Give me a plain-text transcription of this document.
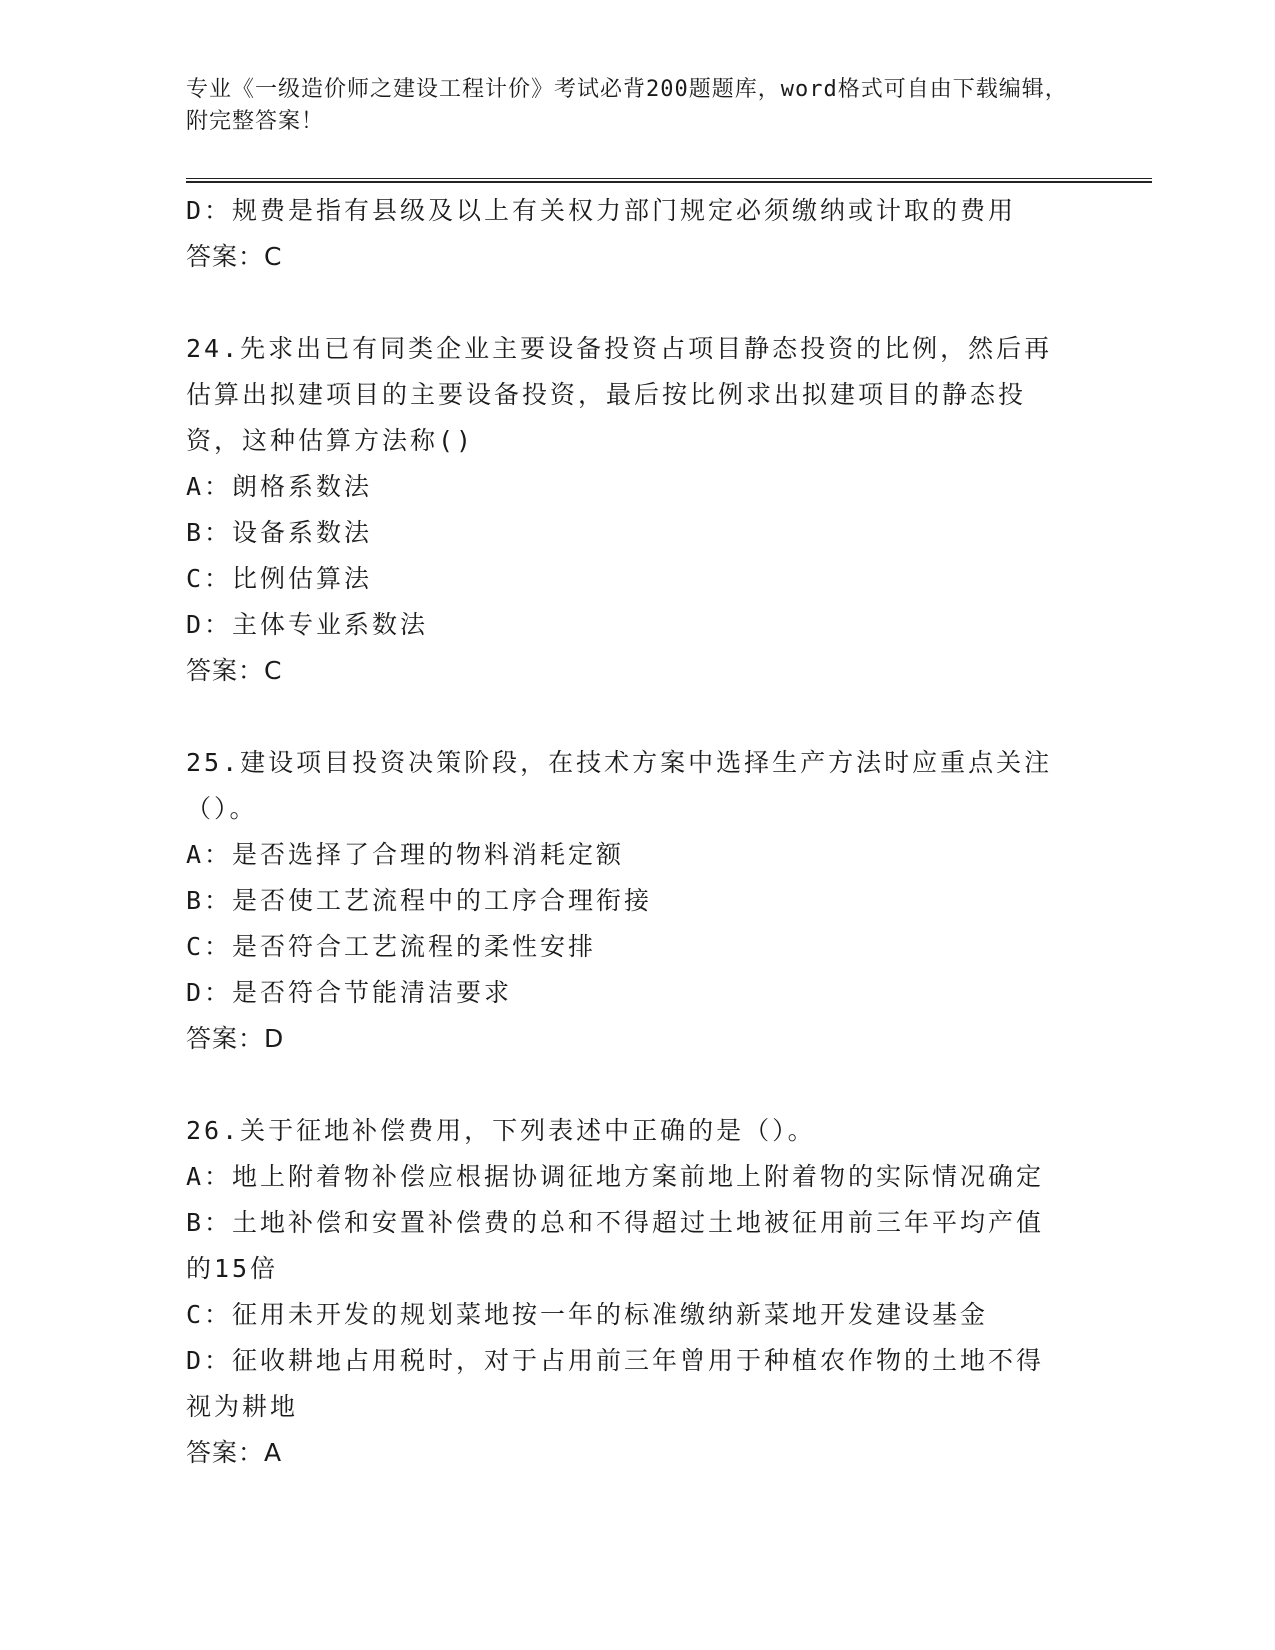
专业《一级造价师之建设工程计价》考试必背200题题库，word格式可自由下载编辑，附完整答案！
D：规费是指有县级及以上有关权力部门规定必须缴纳或计取的费用
答案：C
24.先求出已有同类企业主要设备投资占项目静态投资的比例，然后再
估算出拟建项目的主要设备投资，最后按比例求出拟建项目的静态投
资，这种估算方法称()
A：朗格系数法
B：设备系数法
C：比例估算法
D：主体专业系数法
答案：C
25.建设项目投资决策阶段，在技术方案中选择生产方法时应重点关注
（）。
A：是否选择了合理的物料消耗定额
B：是否使工艺流程中的工序合理衔接
C：是否符合工艺流程的柔性安排
D：是否符合节能清洁要求
答案：D
26.关于征地补偿费用，下列表述中正确的是（）。
A：地上附着物补偿应根据协调征地方案前地上附着物的实际情况确定
B：土地补偿和安置补偿费的总和不得超过土地被征用前三年平均产值
的15倍
C：征用未开发的规划菜地按一年的标准缴纳新菜地开发建设基金
D：征收耕地占用税时，对于占用前三年曾用于种植农作物的土地不得
视为耕地
答案：A
